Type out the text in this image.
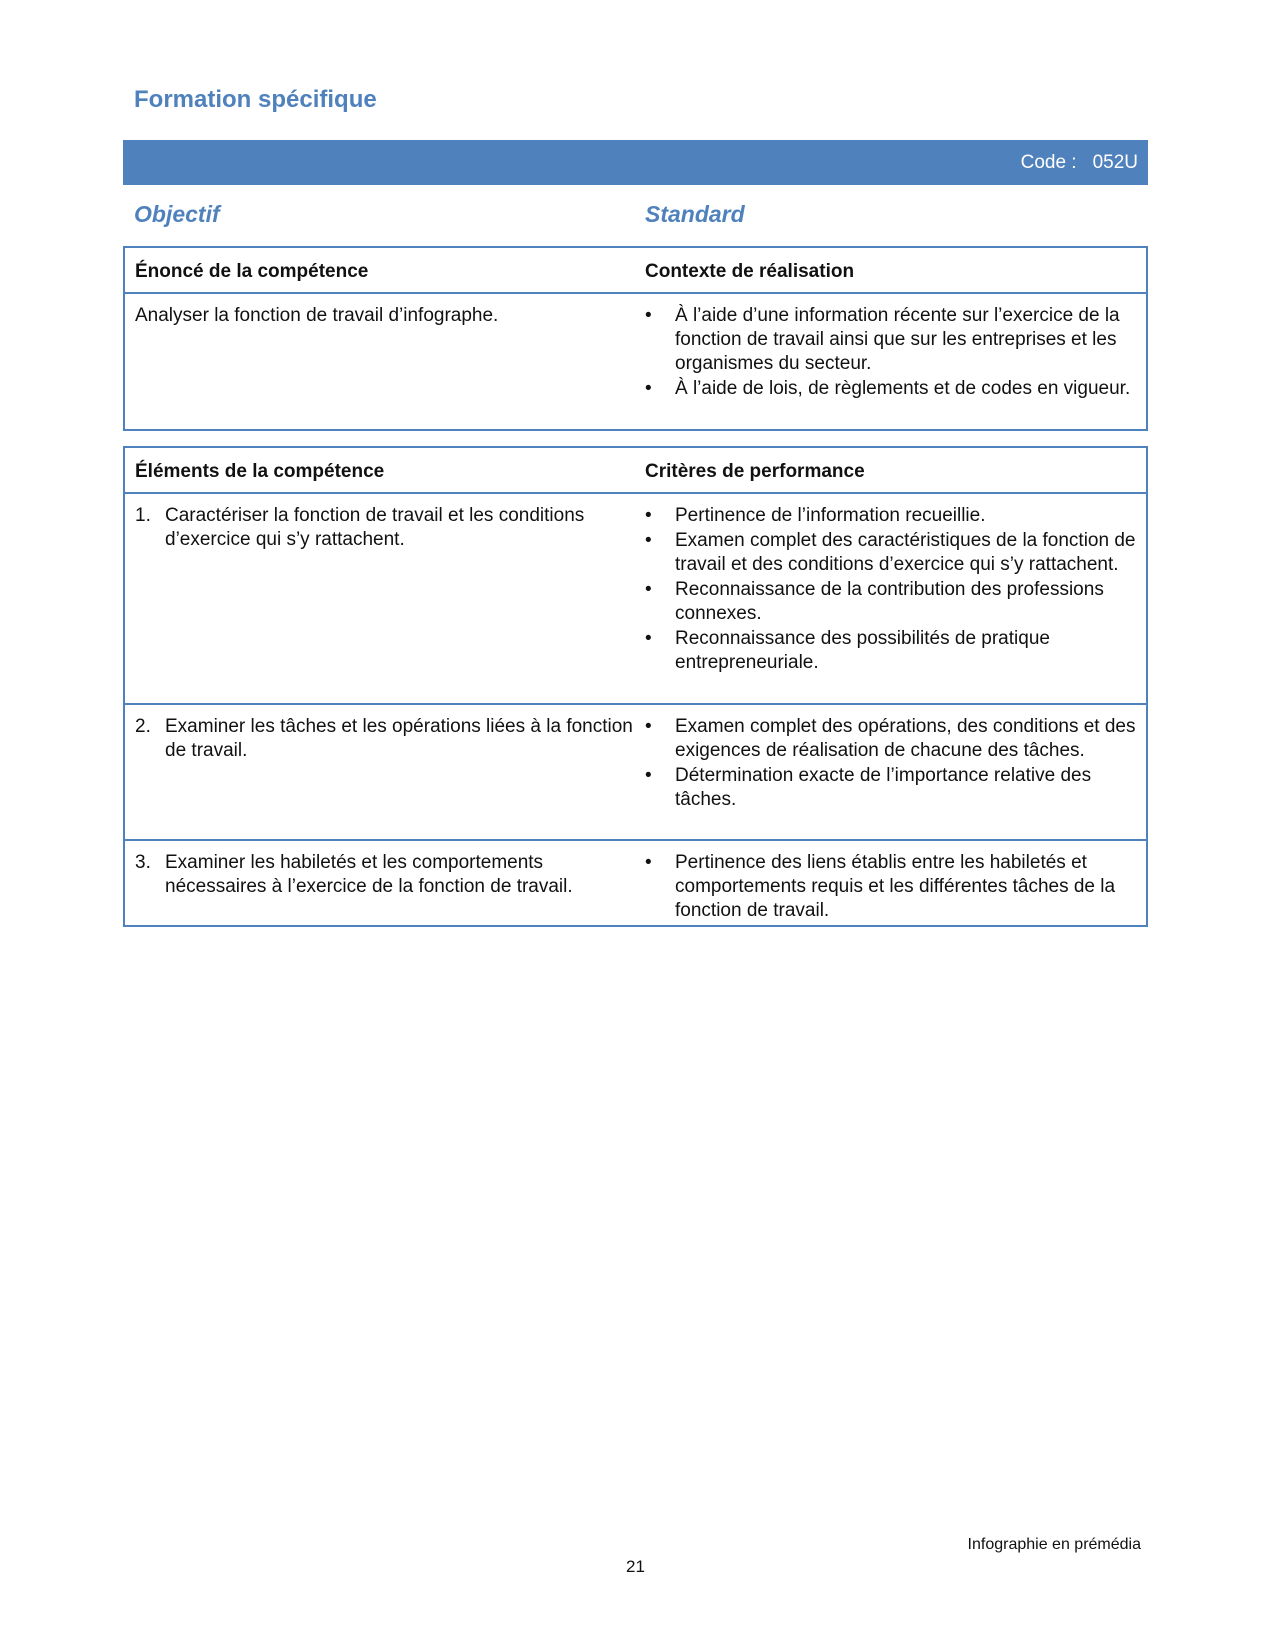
Formation spécifique
Code : 052U
Objectif	Standard
Énoncé de la compétence	Contexte de réalisation
Analyser la fonction de travail d’infographe.	•	À l’aide d’une information récente sur l’exercice de la fonction de travail ainsi que sur les entreprises et les organismes du secteur.
•	À l’aide de lois, de règlements et de codes en vigueur.
Éléments de la compétence	Critères de performance
1. Caractériser la fonction de travail et les conditions d’exercice qui s’y rattachent.
•	Pertinence de l’information recueillie.
•	Examen complet des caractéristiques de la fonction de travail et des conditions d’exercice qui s’y rattachent.
•	Reconnaissance de la contribution des professions connexes.
•	Reconnaissance des possibilités de pratique entrepreneuriale.
2. Examiner les tâches et les opérations liées à la fonction de travail.
•	Examen complet des opérations, des conditions et des exigences de réalisation de chacune des tâches.
•	Détermination exacte de l’importance relative des tâches.
3. Examiner les habiletés et les comportements nécessaires à l’exercice de la fonction de travail.
•	Pertinence des liens établis entre les habiletés et comportements requis et les différentes tâches de la fonction de travail.
Infographie en prémédia
21
